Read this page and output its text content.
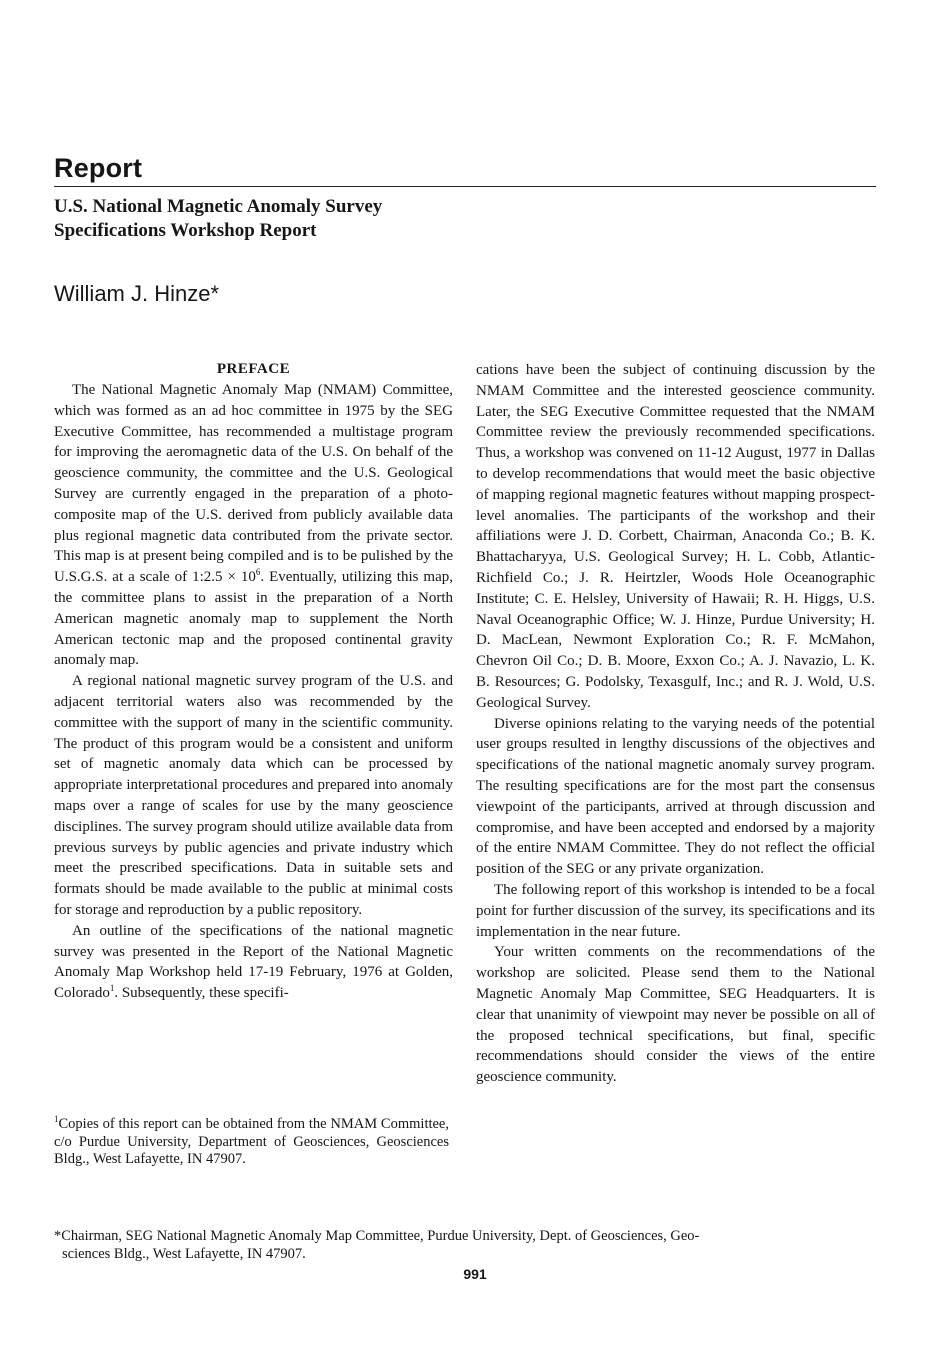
Report
U.S. National Magnetic Anomaly Survey
Specifications Workshop Report
William J. Hinze*
PREFACE

The National Magnetic Anomaly Map (NMAM) Committee, which was formed as an ad hoc committee in 1975 by the SEG Executive Committee, has recommended a multistage program for improving the aeromagnetic data of the U.S. On behalf of the geoscience community, the committee and the U.S. Geological Survey are currently engaged in the preparation of a photo-composite map of the U.S. derived from publicly available data plus regional magnetic data contributed from the private sector. This map is at present being compiled and is to be pulished by the U.S.G.S. at a scale of 1:2.5 × $10^6$. Eventually, utilizing this map, the committee plans to assist in the preparation of a North American magnetic anomaly map to supplement the North American tectonic map and the proposed continental gravity anomaly map.

A regional national magnetic survey program of the U.S. and adjacent territorial waters also was recommended by the committee with the support of many in the scientific community. The product of this program would be a consistent and uniform set of magnetic anomaly data which can be processed by appropriate interpretational procedures and prepared into anomaly maps over a range of scales for use by the many geoscience disciplines. The survey program should utilize available data from previous surveys by public agencies and private industry which meet the prescribed specifications. Data in suitable sets and formats should be made available to the public at minimal costs for storage and reproduction by a public repository.

An outline of the specifications of the national magnetic survey was presented in the Report of the National Magnetic Anomaly Map Workshop held 17-19 February, 1976 at Golden, Colorado$^1$. Subsequently, these specifi-

$^1$Copies of this report can be obtained from the NMAM Committee, c/o Purdue University, Department of Geosciences, Geosciences Bldg., West Lafayette, IN 47907.

cations have been the subject of continuing discussion by the NMAM Committee and the interested geoscience community. Later, the SEG Executive Committee requested that the NMAM Committee review the previously recommended specifications. Thus, a workshop was convened on 11-12 August, 1977 in Dallas to develop recommendations that would meet the basic objective of mapping regional magnetic features without mapping prospect-level anomalies. The participants of the workshop and their affiliations were J. D. Corbett, Chairman, Anaconda Co.; B. K. Bhattacharyya, U.S. Geological Survey; H. L. Cobb, Atlantic-Richfield Co.; J. R. Heirtzler, Woods Hole Oceanographic Institute; C. E. Helsley, University of Hawaii; R. H. Higgs, U.S. Naval Oceanographic Office; W. J. Hinze, Purdue University; H. D. MacLean, Newmont Exploration Co.; R. F. McMahon, Chevron Oil Co.; D. B. Moore, Exxon Co.; A. J. Navazio, L. K. B. Resources; G. Podolsky, Texasgulf, Inc.; and R. J. Wold, U.S. Geological Survey.

Diverse opinions relating to the varying needs of the potential user groups resulted in lengthy discussions of the objectives and specifications of the national magnetic anomaly survey program. The resulting specifications are for the most part the consensus viewpoint of the participants, arrived at through discussion and compromise, and have been accepted and endorsed by a majority of the entire NMAM Committee. They do not reflect the official position of the SEG or any private organization.

The following report of this workshop is intended to be a focal point for further discussion of the survey, its specifications and its implementation in the near future.

Your written comments on the recommendations of the workshop are solicited. Please send them to the National Magnetic Anomaly Map Committee, SEG Headquarters. It is clear that unanimity of viewpoint may never be possible on all of the proposed technical specifications, but final, specific recommendations should consider the views of the entire geoscience community.

*Chairman, SEG National Magnetic Anomaly Map Committee, Purdue University, Dept. of Geosciences, Geo-
sciences Bldg., West Lafayette, IN 47907.
991
